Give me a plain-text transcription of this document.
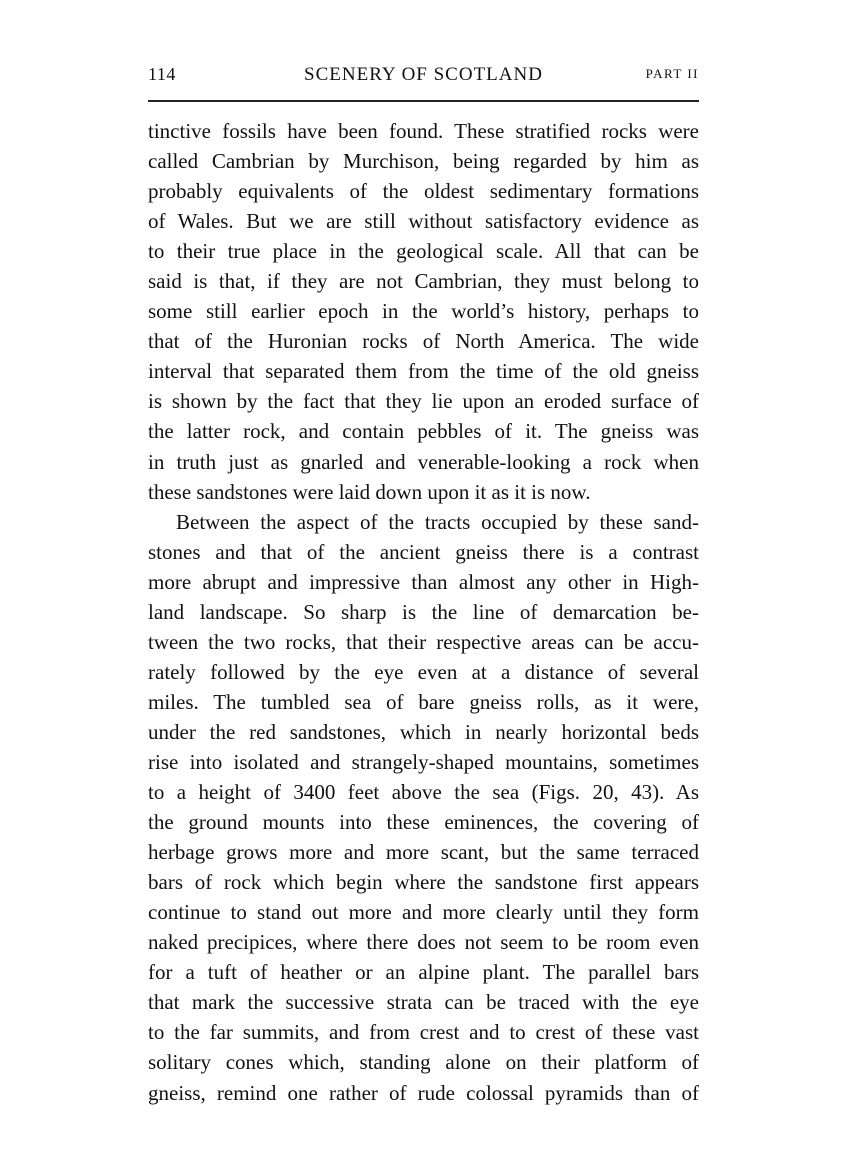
114	SCENERY OF SCOTLAND	PART II
tinctive fossils have been found. These stratified rocks were
called Cambrian by Murchison, being regarded by him as
probably equivalents of the oldest sedimentary formations
of Wales. But we are still without satisfactory evidence as
to their true place in the geological scale. All that can be
said is that, if they are not Cambrian, they must belong to
some still earlier epoch in the world’s history, perhaps to
that of the Huronian rocks of North America. The wide
interval that separated them from the time of the old gneiss
is shown by the fact that they lie upon an eroded surface of
the latter rock, and contain pebbles of it. The gneiss was
in truth just as gnarled and venerable-looking a rock when
these sandstones were laid down upon it as it is now.
Between the aspect of the tracts occupied by these sand-
stones and that of the ancient gneiss there is a contrast
more abrupt and impressive than almost any other in High-
land landscape. So sharp is the line of demarcation be-
tween the two rocks, that their respective areas can be accu-
rately followed by the eye even at a distance of several
miles. The tumbled sea of bare gneiss rolls, as it were,
under the red sandstones, which in nearly horizontal beds
rise into isolated and strangely-shaped mountains, sometimes
to a height of 3400 feet above the sea (Figs. 20, 43). As
the ground mounts into these eminences, the covering of
herbage grows more and more scant, but the same terraced
bars of rock which begin where the sandstone first appears
continue to stand out more and more clearly until they form
naked precipices, where there does not seem to be room even
for a tuft of heather or an alpine plant. The parallel bars
that mark the successive strata can be traced with the eye
to the far summits, and from crest and to crest of these vast
solitary cones which, standing alone on their platform of
gneiss, remind one rather of rude colossal pyramids than of
